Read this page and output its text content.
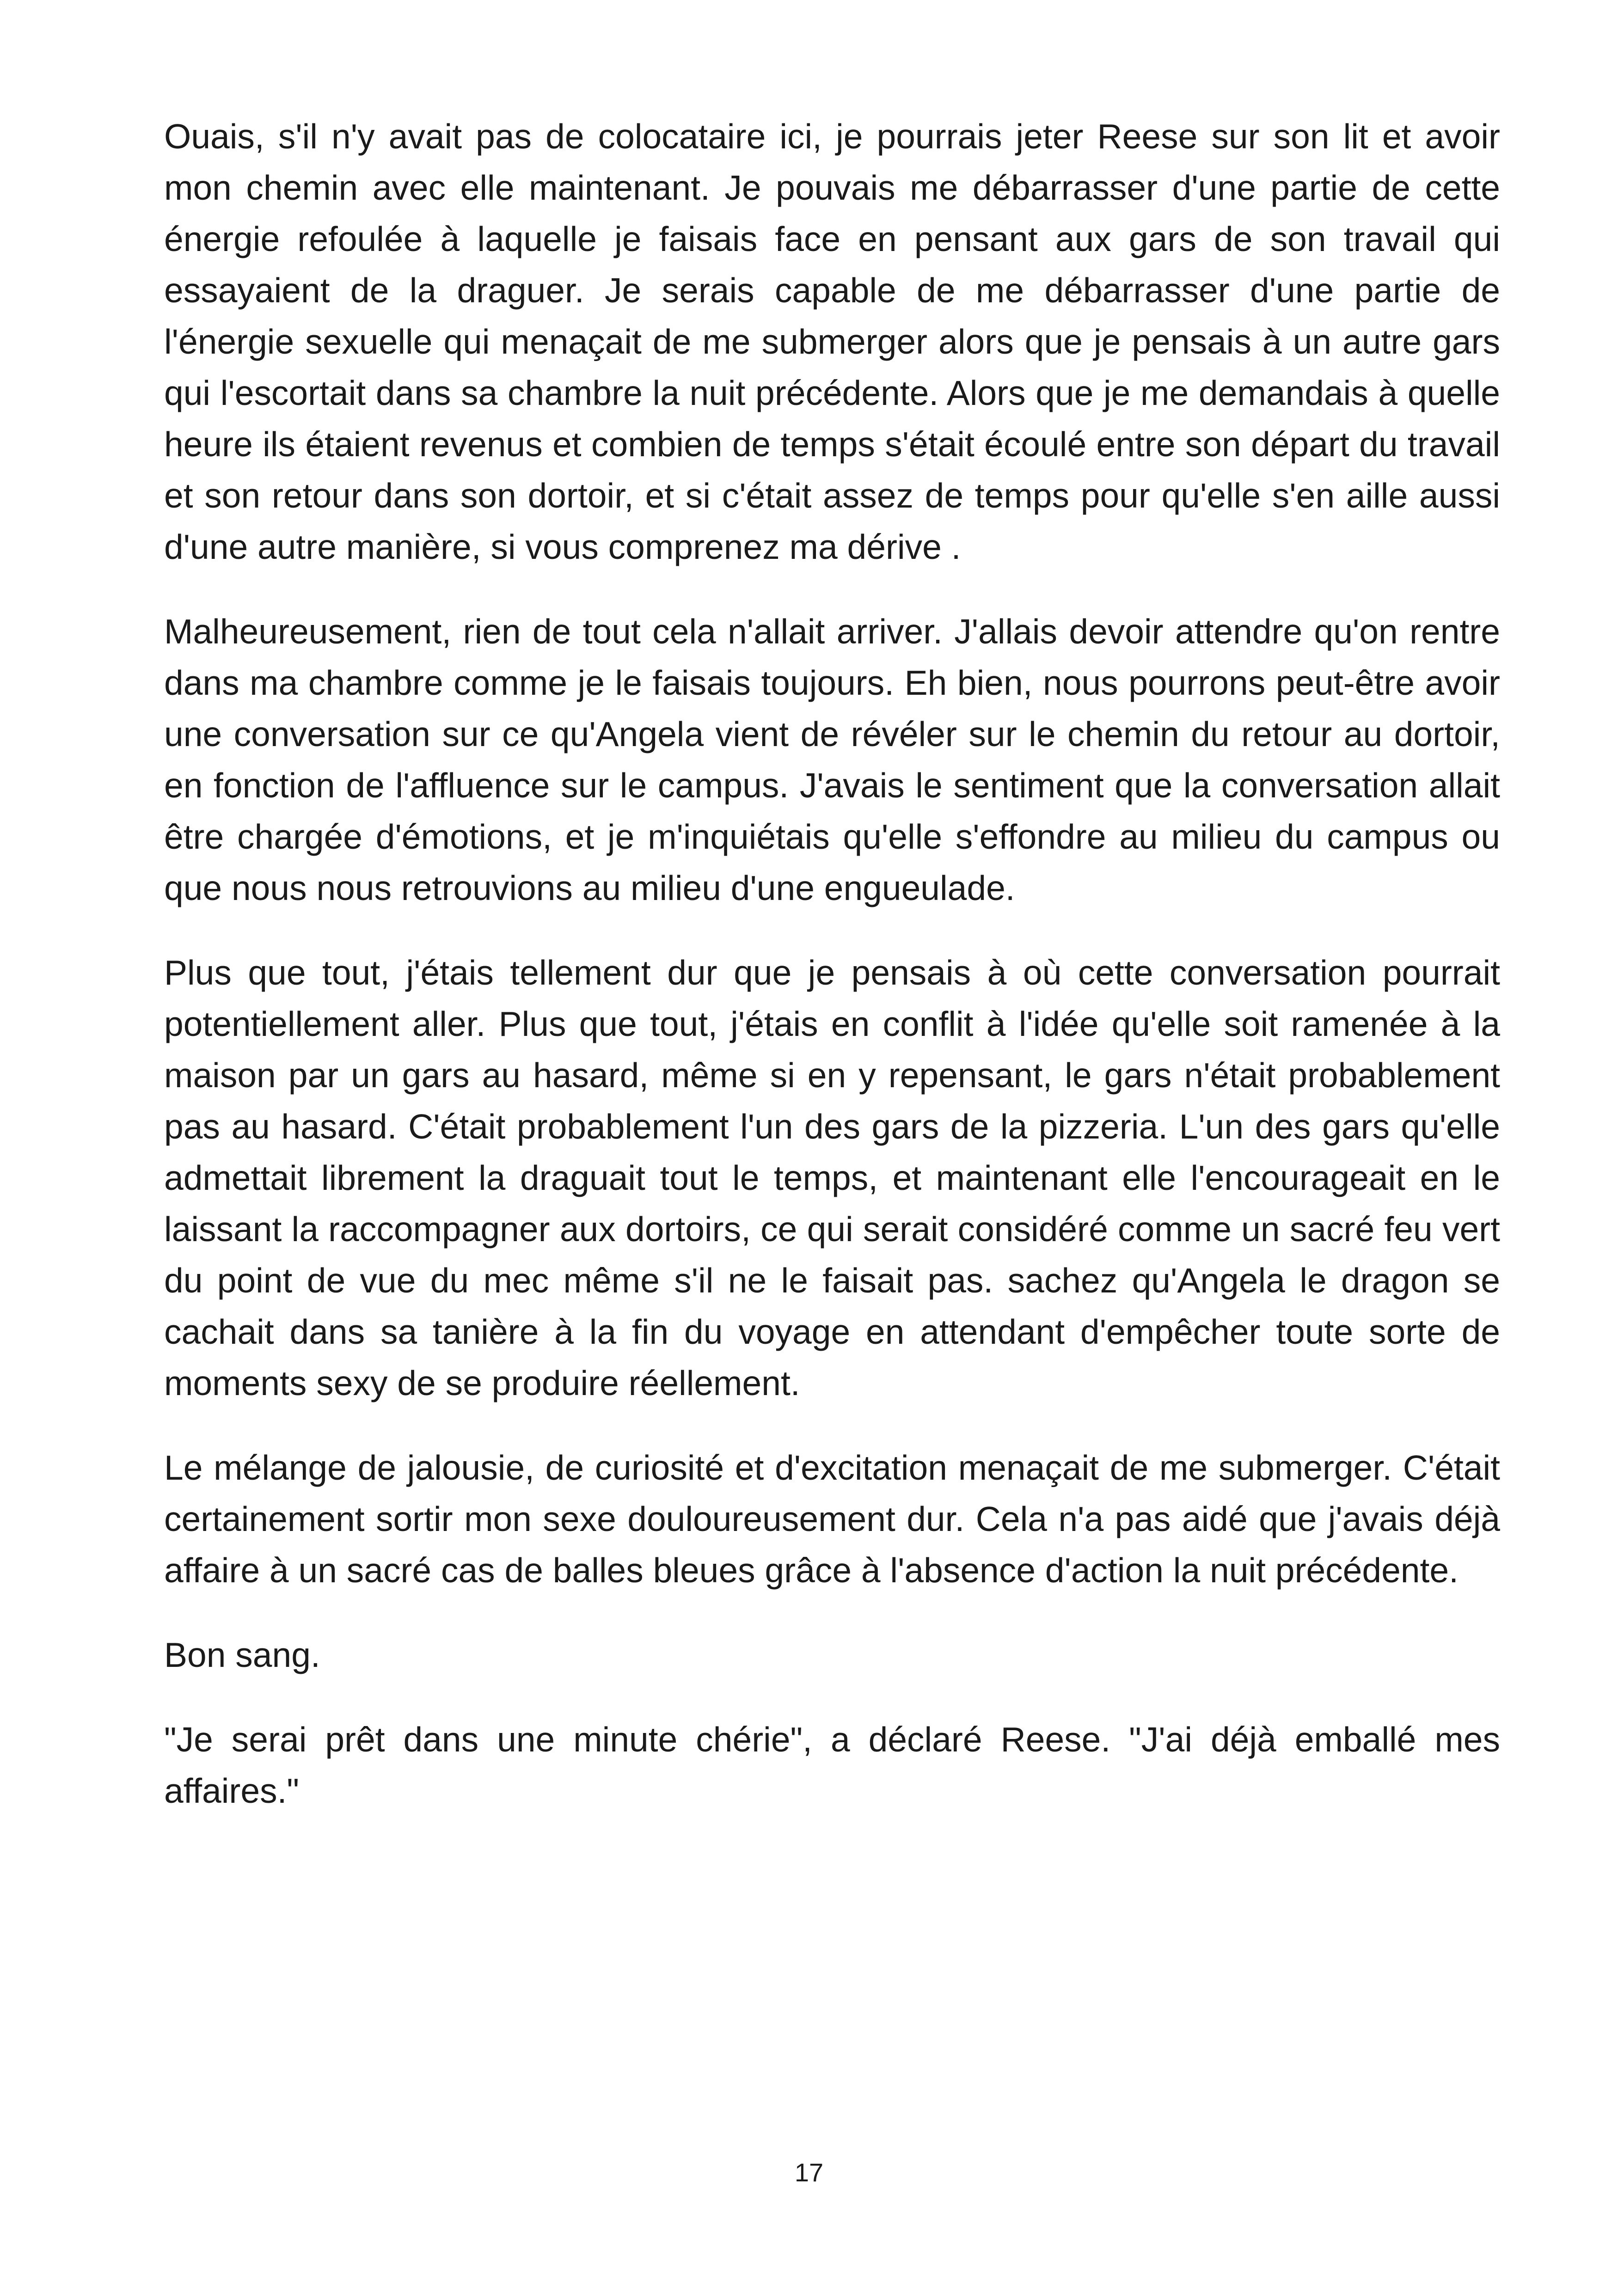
Ouais, s'il n'y avait pas de colocataire ici, je pourrais jeter Reese sur son lit et avoir mon chemin avec elle maintenant. Je pouvais me débarrasser d'une partie de cette énergie refoulée à laquelle je faisais face en pensant aux gars de son travail qui essayaient de la draguer. Je serais capable de me débarrasser d'une partie de l'énergie sexuelle qui menaçait de me submerger alors que je pensais à un autre gars qui l'escortait dans sa chambre la nuit précédente. Alors que je me demandais à quelle heure ils étaient revenus et combien de temps s'était écoulé entre son départ du travail et son retour dans son dortoir, et si c'était assez de temps pour qu'elle s'en aille aussi d'une autre manière, si vous comprenez ma dérive .

Malheureusement, rien de tout cela n'allait arriver. J'allais devoir attendre qu'on rentre dans ma chambre comme je le faisais toujours. Eh bien, nous pourrons peut-être avoir une conversation sur ce qu'Angela vient de révéler sur le chemin du retour au dortoir, en fonction de l'affluence sur le campus. J'avais le sentiment que la conversation allait être chargée d'émotions, et je m'inquiétais qu'elle s'effondre au milieu du campus ou que nous nous retrouvions au milieu d'une engueulade.

Plus que tout, j'étais tellement dur que je pensais à où cette conversation pourrait potentiellement aller. Plus que tout, j'étais en conflit à l'idée qu'elle soit ramenée à la maison par un gars au hasard, même si en y repensant, le gars n'était probablement pas au hasard. C'était probablement l'un des gars de la pizzeria. L'un des gars qu'elle admettait librement la draguait tout le temps, et maintenant elle l'encourageait en le laissant la raccompagner aux dortoirs, ce qui serait considéré comme un sacré feu vert du point de vue du mec même s'il ne le faisait pas. sachez qu'Angela le dragon se cachait dans sa tanière à la fin du voyage en attendant d'empêcher toute sorte de moments sexy de se produire réellement.

Le mélange de jalousie, de curiosité et d'excitation menaçait de me submerger. C'était certainement sortir mon sexe douloureusement dur. Cela n'a pas aidé que j'avais déjà affaire à un sacré cas de balles bleues grâce à l'absence d'action la nuit précédente.

Bon sang.

"Je serai prêt dans une minute chérie", a déclaré Reese. "J'ai déjà emballé mes affaires."

17
